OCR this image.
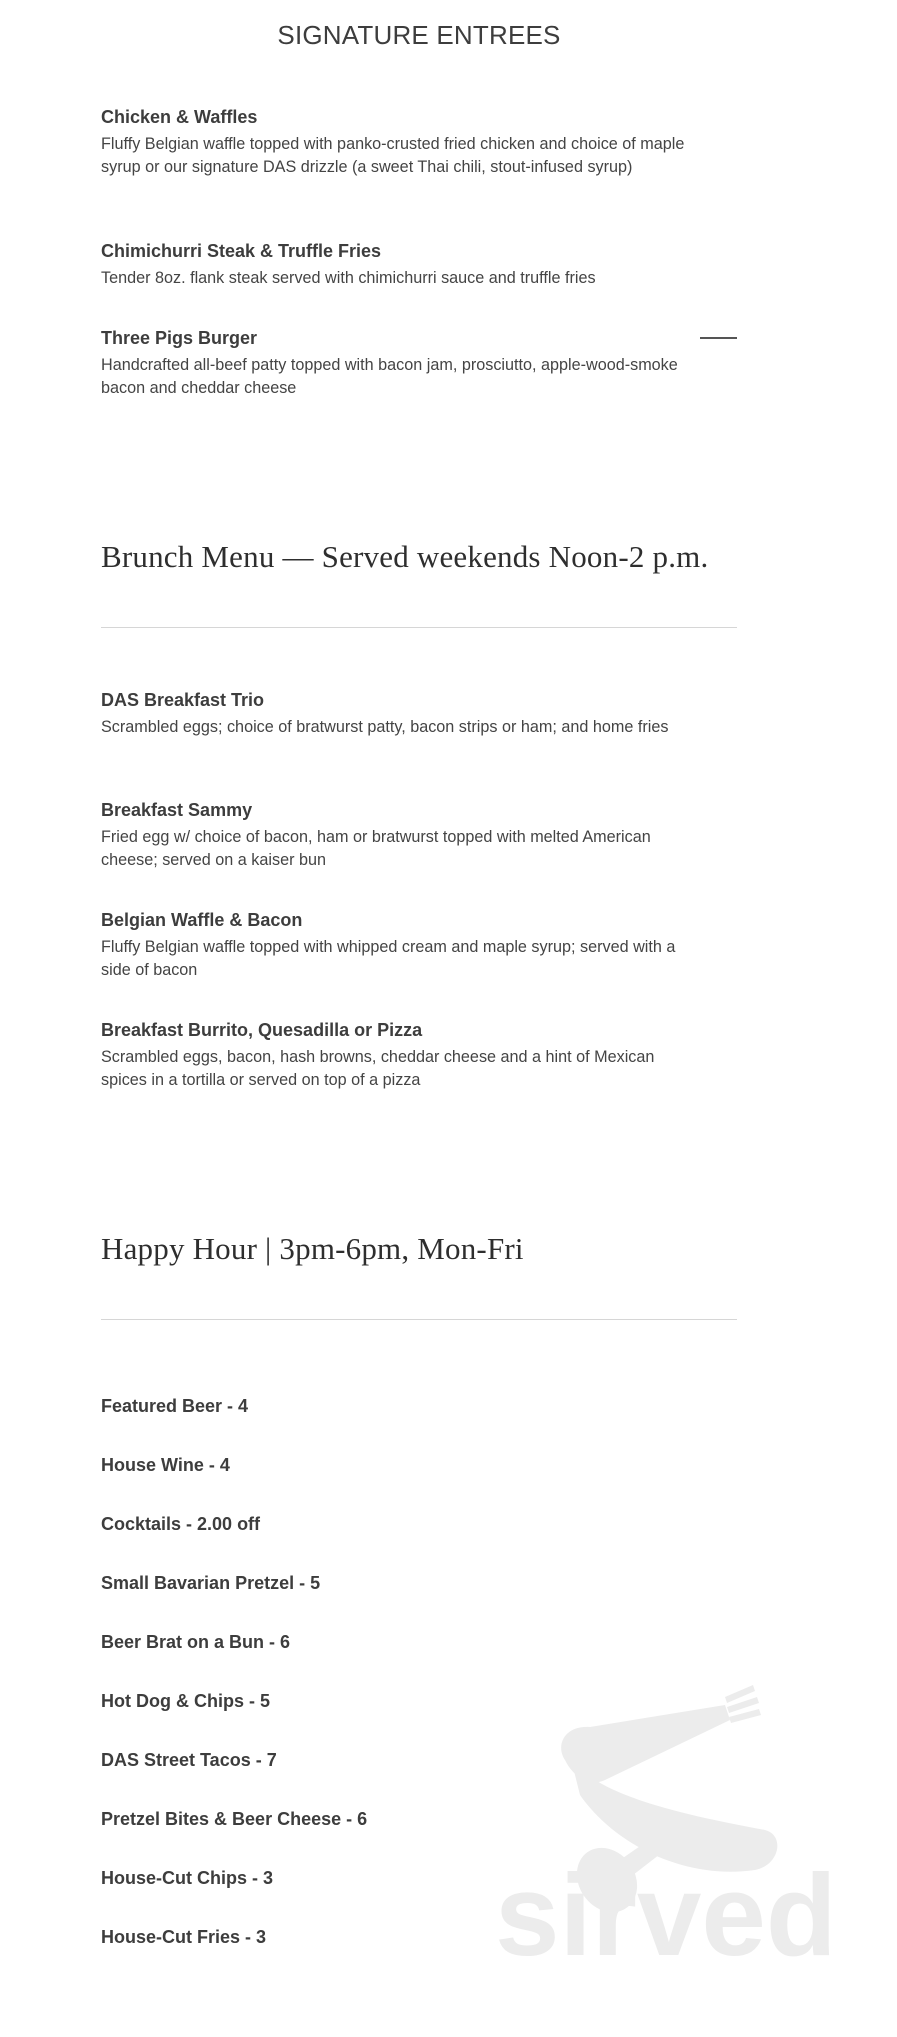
SIGNATURE ENTREES
Chicken & Waffles
Fluffy Belgian waffle topped with panko-crusted fried chicken and choice of maple syrup or our signature DAS drizzle (a sweet Thai chili, stout-infused syrup)
Chimichurri Steak & Truffle Fries
Tender 8oz. flank steak served with chimichurri sauce and truffle fries
Three Pigs Burger
Handcrafted all-beef patty topped with bacon jam, prosciutto, apple-wood-smoke bacon and cheddar cheese
Brunch Menu — Served weekends Noon-2 p.m.
DAS Breakfast Trio
Scrambled eggs; choice of bratwurst patty, bacon strips or ham; and home fries
Breakfast Sammy
Fried egg w/ choice of bacon, ham or bratwurst topped with melted American cheese; served on a kaiser bun
Belgian Waffle & Bacon
Fluffy Belgian waffle topped with whipped cream and maple syrup; served with a side of bacon
Breakfast Burrito, Quesadilla or Pizza
Scrambled eggs, bacon, hash browns, cheddar cheese and a hint of Mexican spices in a tortilla or served on top of a pizza
Happy Hour | 3pm-6pm, Mon-Fri
Featured Beer - 4
House Wine - 4
Cocktails - 2.00 off
Small Bavarian Pretzel - 5
Beer Brat on a Bun - 6
Hot Dog & Chips - 5
DAS Street Tacos - 7
Pretzel Bites & Beer Cheese - 6
House-Cut Chips - 3
House-Cut Fries - 3	sirved
